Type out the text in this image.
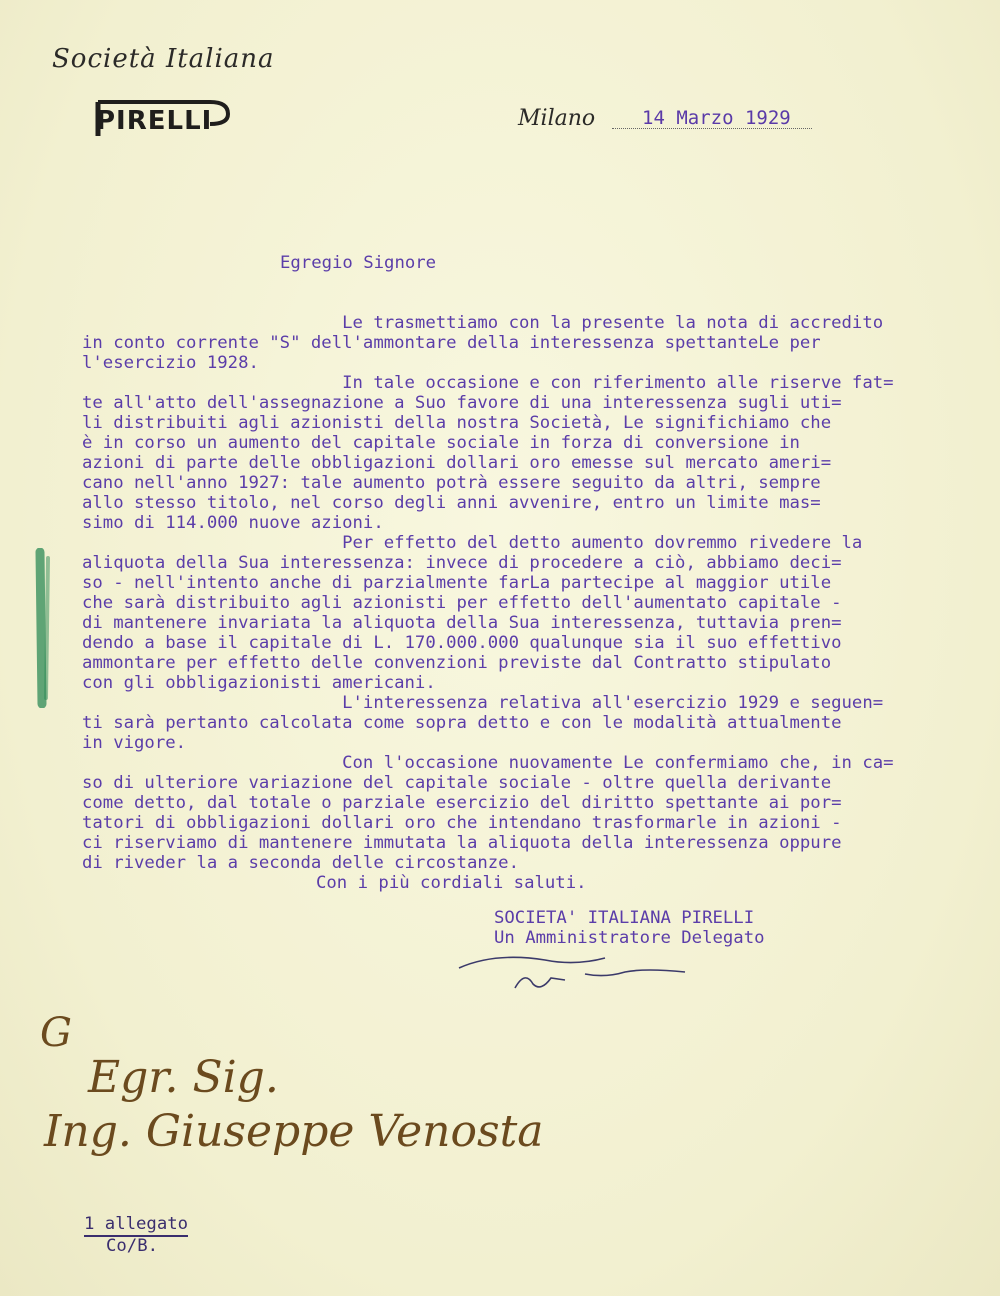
Società Italiana
PIRELLI	Milano 14 Marzo 1929
Egregio Signore
Le trasmettiamo con la presente la nota di accredito
in conto corrente "S" dell'ammontare della interessenza spettanteLe per
l'esercizio 1928.
In tale occasione e con riferimento alle riserve fat=
te all'atto dell'assegnazione a Suo favore di una interessenza sugli uti=
li distribuiti agli azionisti della nostra Società, Le significhiamo che
è in corso un aumento del capitale sociale in forza di conversione in
azioni di parte delle obbligazioni dollari oro emesse sul mercato ameri=
cano nell'anno 1927: tale aumento potrà essere seguito da altri, sempre
allo stesso titolo, nel corso degli anni avvenire, entro un limite mas=
simo di 114.000 nuove azioni.
Per effetto del detto aumento dovremmo rivedere la
aliquota della Sua interessenza: invece di procedere a ciò, abbiamo deci=
so - nell'intento anche di parzialmente farLa partecipe al maggior utile
che sarà distribuito agli azionisti per effetto dell'aumentato capitale -
di mantenere invariata la aliquota della Sua interessenza, tuttavia pren=
dendo a base il capitale di L. 170.000.000 qualunque sia il suo effettivo
ammontare per effetto delle convenzioni previste dal Contratto stipulato
con gli obbligazionisti americani.
L'interessenza relativa all'esercizio 1929 e seguen=
ti sarà pertanto calcolata come sopra detto e con le modalità attualmente
in vigore.
Con l'occasione nuovamente Le confermiamo che, in ca=
so di ulteriore variazione del capitale sociale - oltre quella derivante
come detto, dal totale o parziale esercizio del diritto spettante ai por=
tatori di obbligazioni dollari oro che intendano trasformarle in azioni -
ci riserviamo di mantenere immutata la aliquota della interessenza oppure
di riveder la a seconda delle circostanze.
Con i più cordiali saluti.
SOCIETA' ITALIANA PIRELLI
Un Amministratore Delegato
G
Egr. Sig.
Ing. Giuseppe Venosta
1 allegato
Co/B.
